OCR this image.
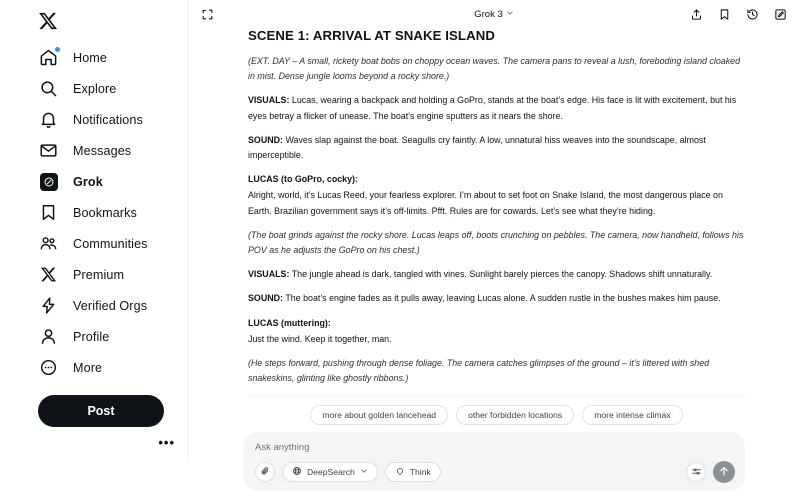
Home
Explore
Notifications
Messages
Grok
Bookmarks
Communities
Premium
Verified Orgs
Profile
More
Post
•••
Grok 3
SCENE 1: ARRIVAL AT SNAKE ISLAND

(EXT. DAY – A small, rickety boat bobs on choppy ocean waves. The camera pans to reveal a lush, foreboding island cloaked in mist. Dense jungle looms beyond a rocky shore.)

VISUALS: Lucas, wearing a backpack and holding a GoPro, stands at the boat’s edge. His face is lit with excitement, but his eyes betray a flicker of unease. The boat’s engine sputters as it nears the shore.

SOUND: Waves slap against the boat. Seagulls cry faintly. A low, unnatural hiss weaves into the soundscape, almost imperceptible.

LUCAS (to GoPro, cocky):

Alright, world, it’s Lucas Reed, your fearless explorer. I’m about to set foot on Snake Island, the most dangerous place on Earth. Brazilian government says it’s off-limits. Pfft. Rules are for cowards. Let’s see what they’re hiding.

(The boat grinds against the rocky shore. Lucas leaps off, boots crunching on pebbles. The camera, now handheld, follows his POV as he adjusts the GoPro on his chest.)

VISUALS: The jungle ahead is dark, tangled with vines. Sunlight barely pierces the canopy. Shadows shift unnaturally.

SOUND: The boat’s engine fades as it pulls away, leaving Lucas alone. A sudden rustle in the bushes makes him pause.

LUCAS (muttering):

Just the wind. Keep it together, man.

(He steps forward, pushing through dense foliage. The camera catches glimpses of the ground – it’s littered with shed snakeskins, glinting like ghostly ribbons.)

more about golden lancehead	other forbidden locations	more intense climax
Ask anything
DeepSearch	Think
